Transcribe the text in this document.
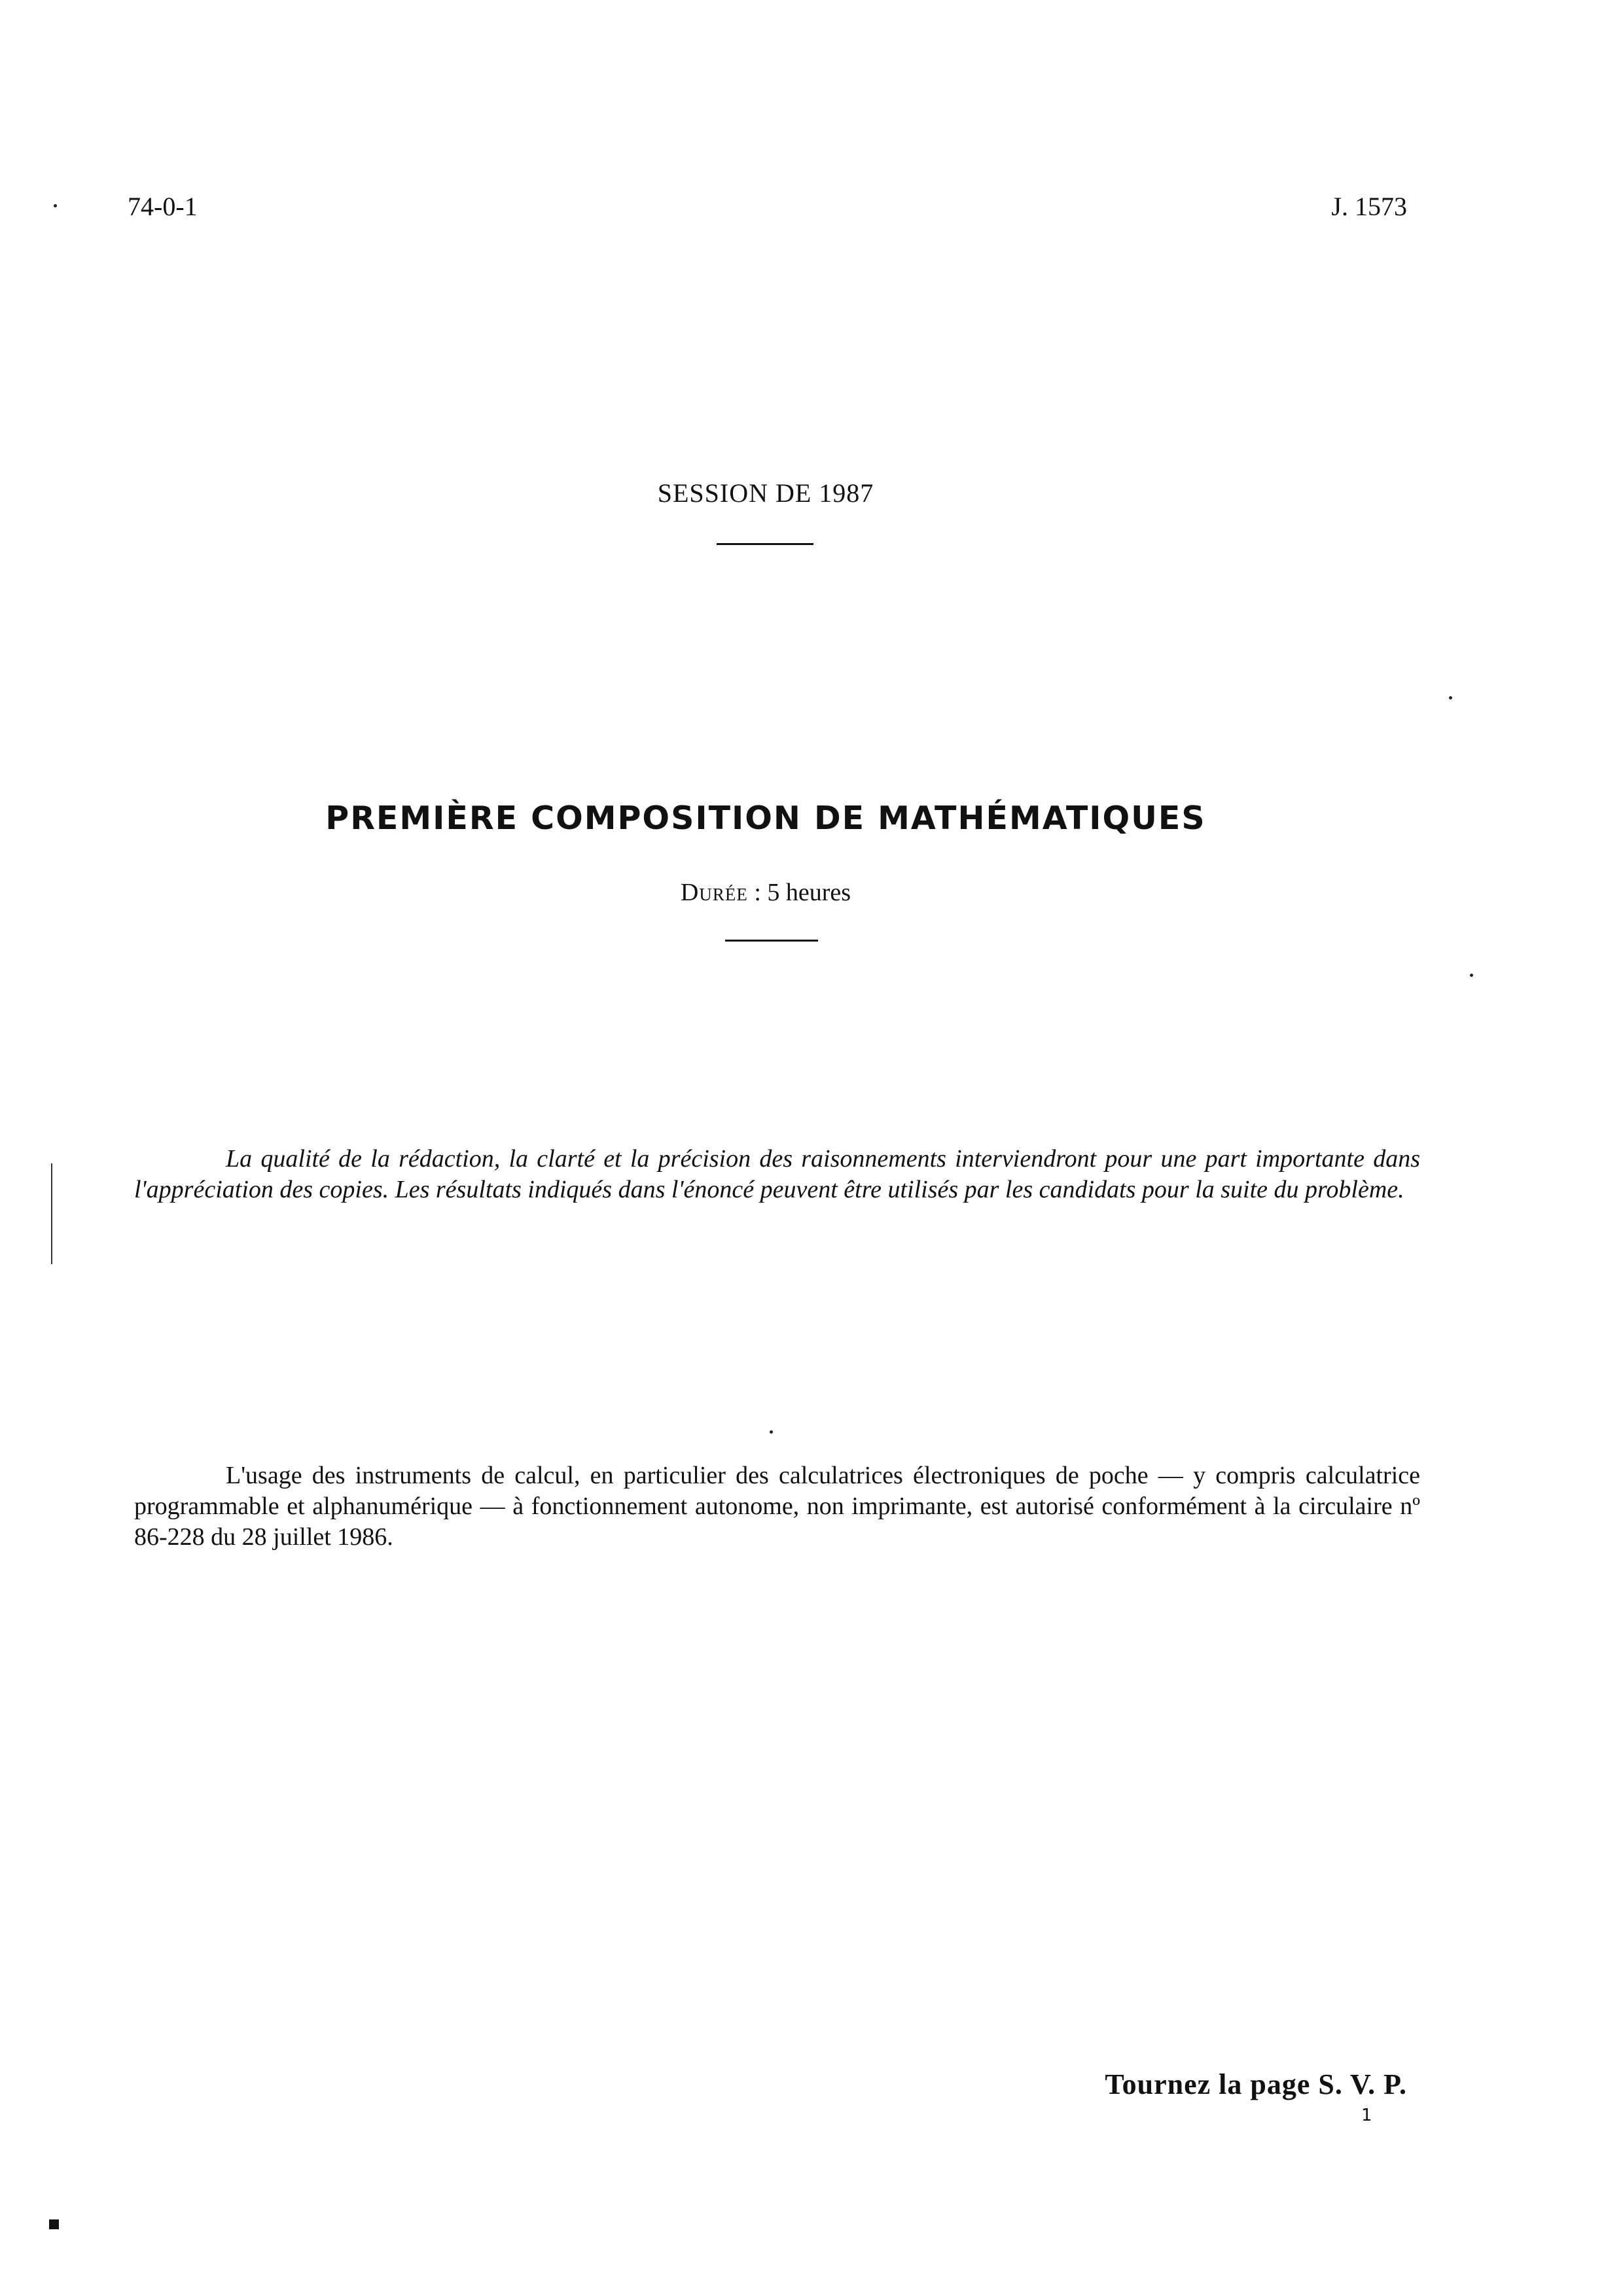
74-0-1	J. 1573
SESSION DE 1987
PREMIÈRE COMPOSITION DE MATHÉMATIQUES
Durée : 5 heures

La qualité de la rédaction, la clarté et la précision des raisonnements interviendront pour une part importante dans l'appréciation des copies. Les résultats indiqués dans l'énoncé peuvent être utilisés par les candidats pour la suite du problème.

L'usage des instruments de calcul, en particulier des calculatrices électroniques de poche — y compris calculatrice programmable et alphanumérique — à fonctionnement autonome, non imprimante, est autorisé conformément à la circulaire nº 86-228 du 28 juillet 1986.

Tournez la page S. V. P.
1
